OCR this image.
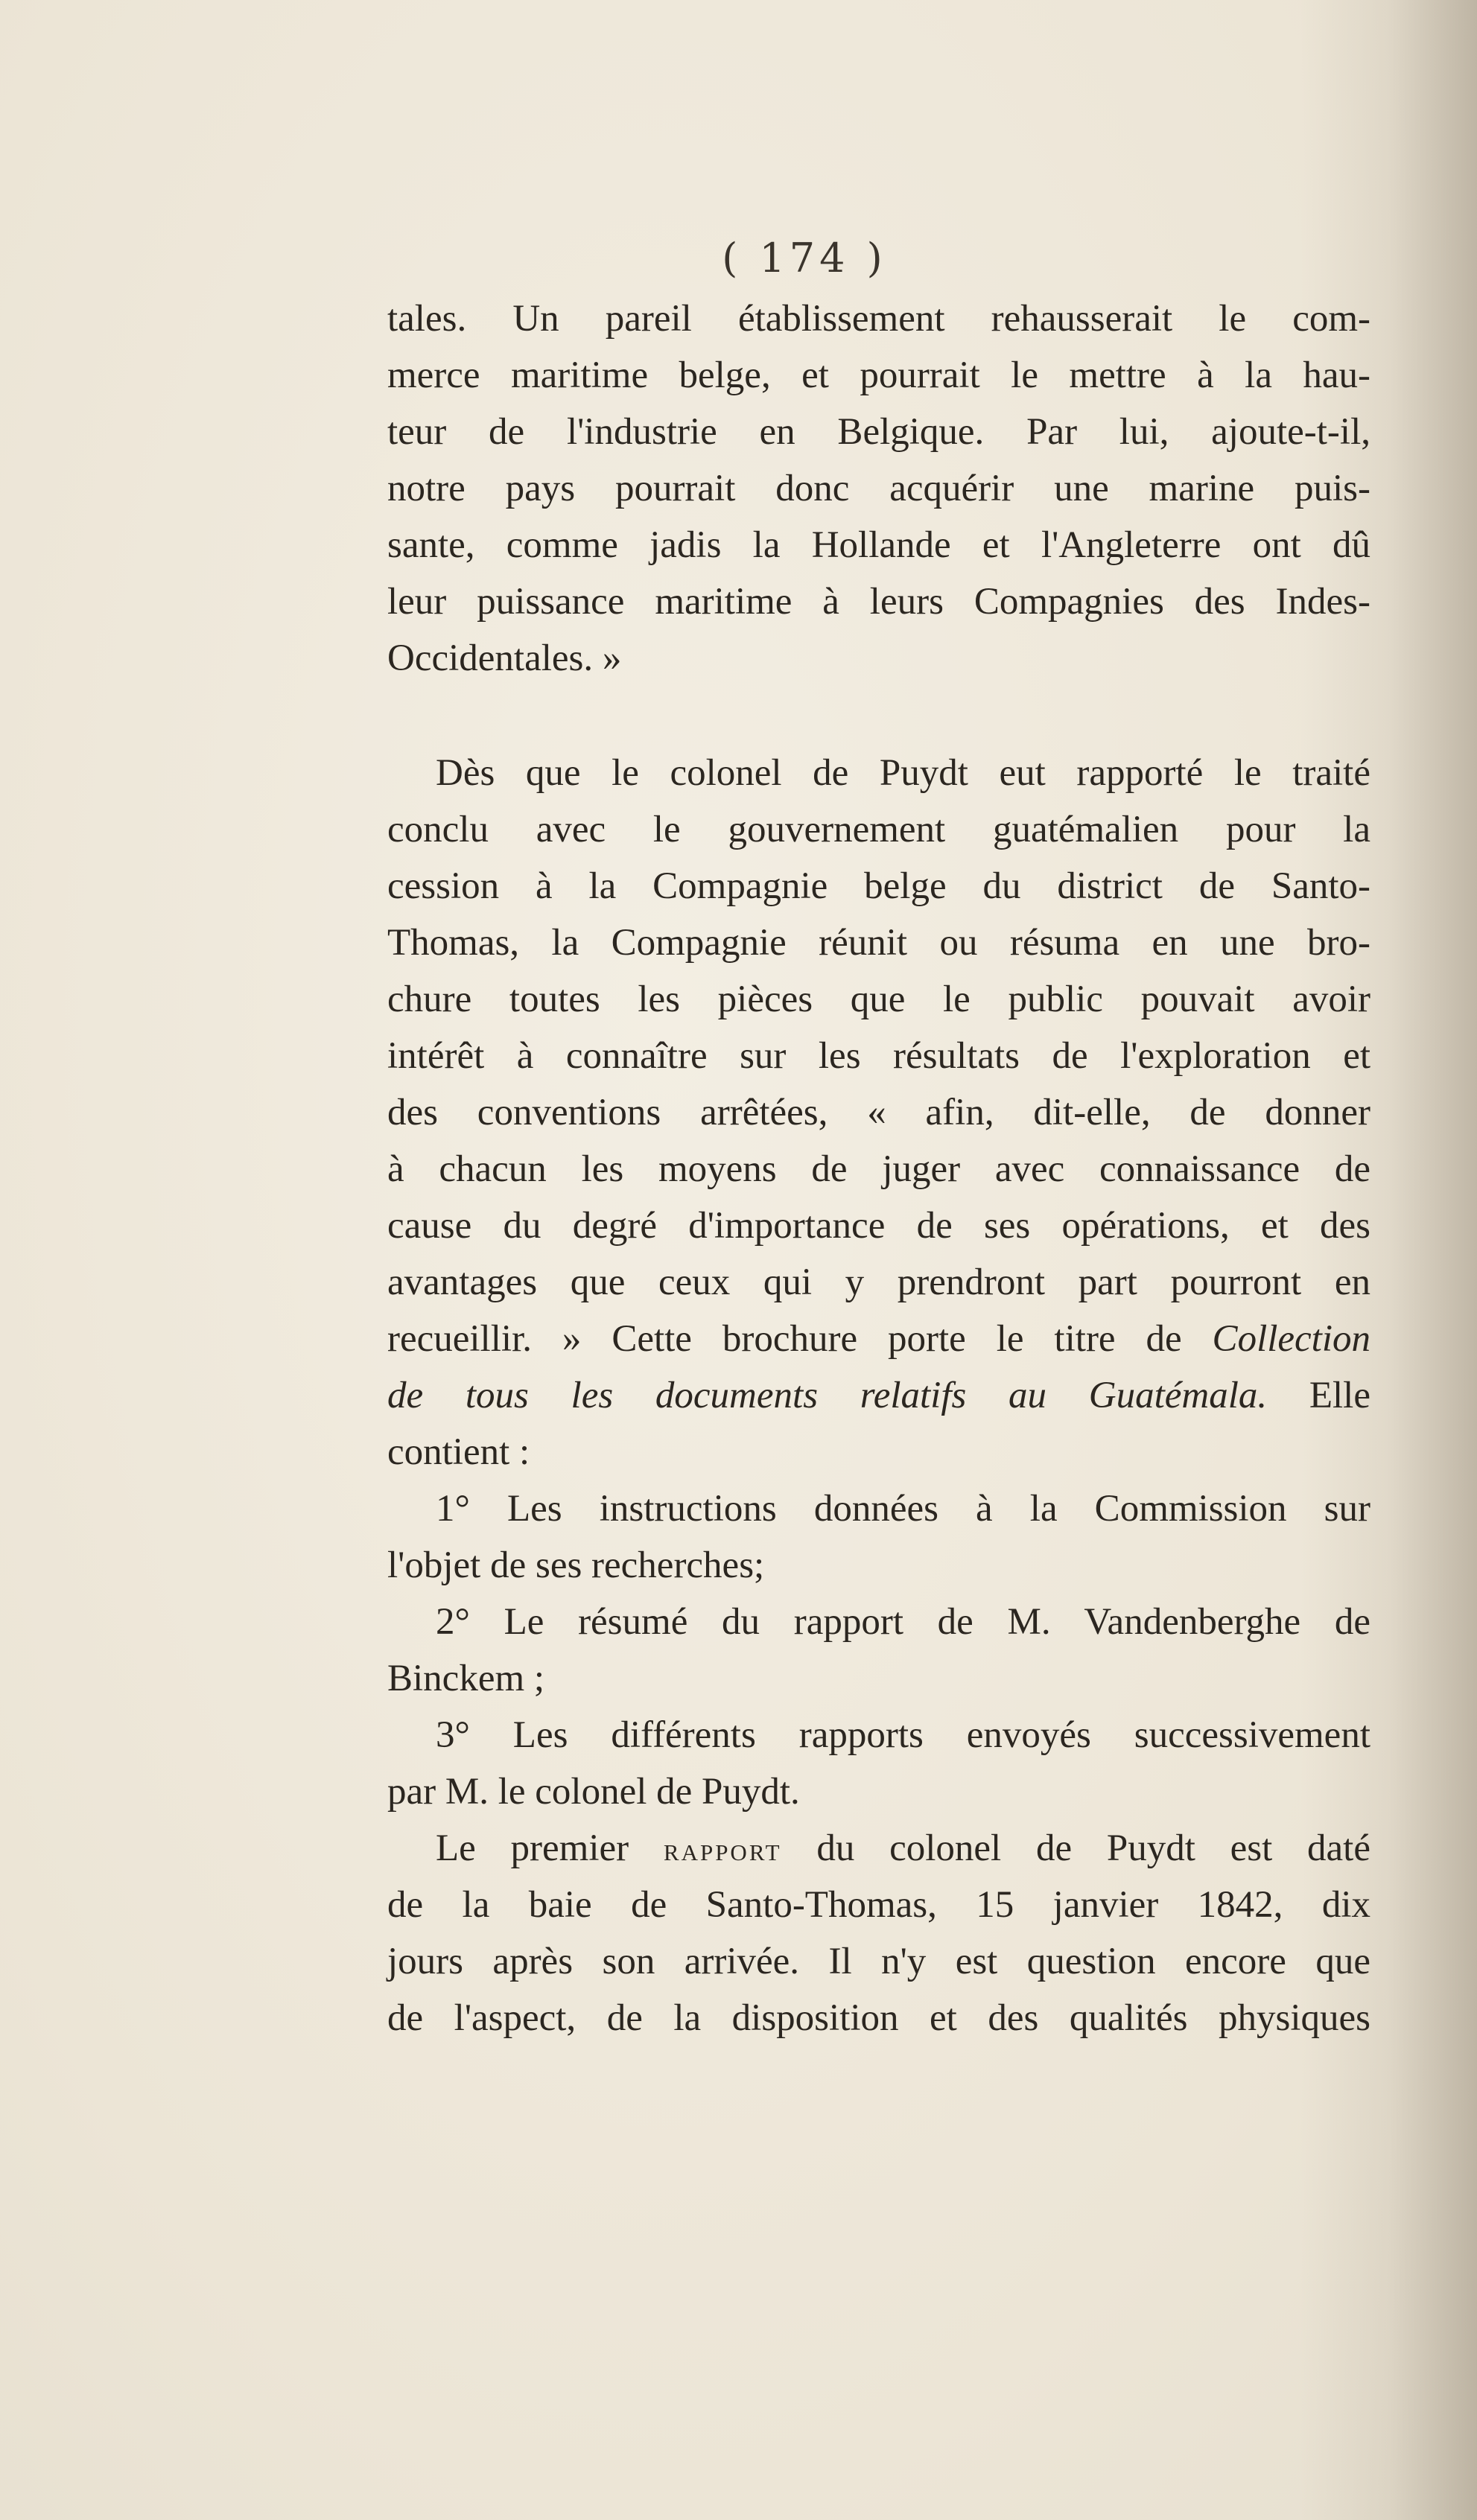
( 174 )
tales. Un pareil établissement rehausserait le com-
merce maritime belge, et pourrait le mettre à la hau-
teur de l'industrie en Belgique. Par lui, ajoute-t-il,
notre pays pourrait donc acquérir une marine puis-
sante, comme jadis la Hollande et l'Angleterre ont dû
leur puissance maritime à leurs Compagnies des Indes-
Occidentales. »
Dès que le colonel de Puydt eut rapporté le traité
conclu avec le gouvernement guatémalien pour la
cession à la Compagnie belge du district de Santo-
Thomas, la Compagnie réunit ou résuma en une bro-
chure toutes les pièces que le public pouvait avoir
intérêt à connaître sur les résultats de l'exploration et
des conventions arrêtées, « afin, dit-elle, de donner
à chacun les moyens de juger avec connaissance de
cause du degré d'importance de ses opérations, et des
avantages que ceux qui y prendront part pourront en
recueillir. » Cette brochure porte le titre de Collection
de tous les documents relatifs au Guatémala. Elle
contient :
1° Les instructions données à la Commission sur
l'objet de ses recherches;
2° Le résumé du rapport de M. Vandenberghe de
Binckem ;
3° Les différents rapports envoyés successivement
par M. le colonel de Puydt.
Le premier rapport du colonel de Puydt est daté
de la baie de Santo-Thomas, 15 janvier 1842, dix
jours après son arrivée. Il n'y est question encore que
de l'aspect, de la disposition et des qualités physiques
